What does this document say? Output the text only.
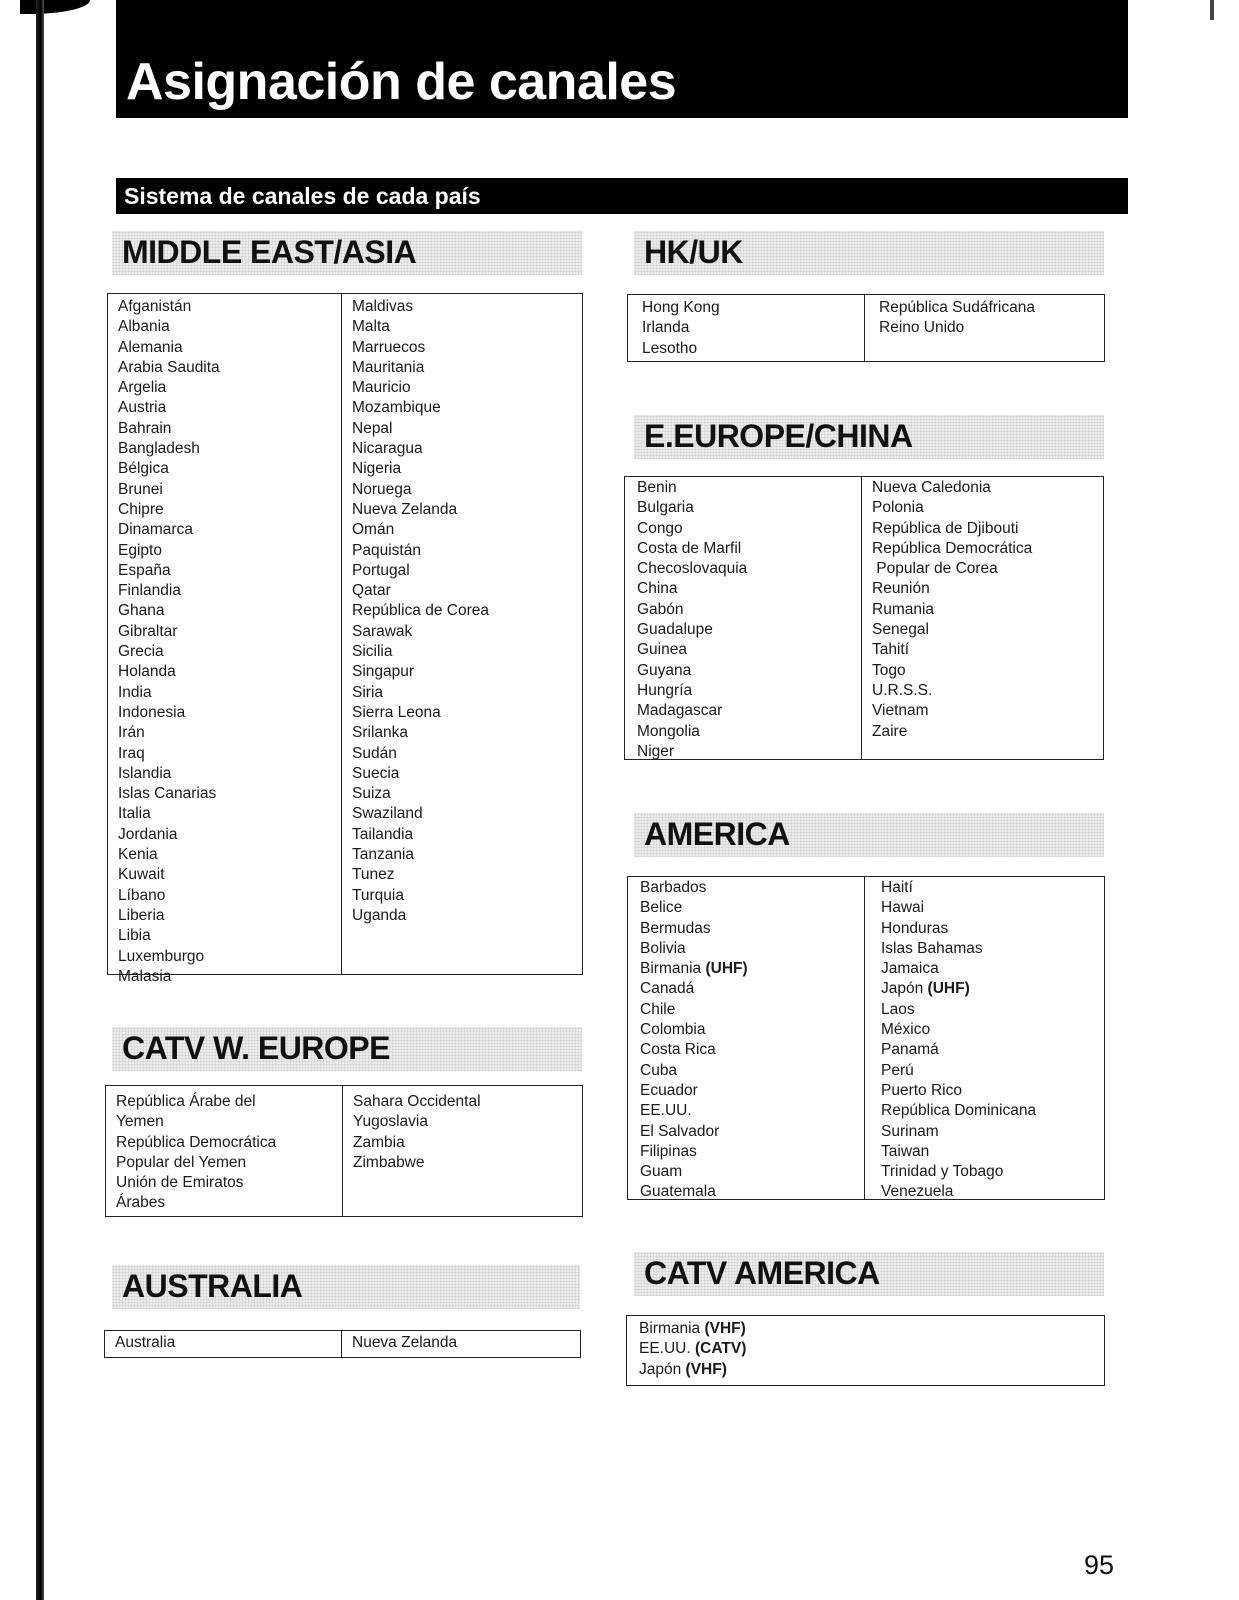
Asignación de canales
Sistema de canales de cada país
MIDDLE EAST/ASIA
Afganistán
Albania
Alemania
Arabia Saudita
Argelia
Austria
Bahrain
Bangladesh
Bélgica
Brunei
Chipre
Dinamarca
Egipto
España
Finlandia
Ghana
Gibraltar
Grecia
Holanda
India
Indonesia
Irán
Iraq
Islandia
Islas Canarias
Italia
Jordania
Kenia
Kuwait
Líbano
Liberia
Libia
Luxemburgo
Malasia
Maldivas
Malta
Marruecos
Mauritania
Mauricio
Mozambique
Nepal
Nicaragua
Nigeria
Noruega
Nueva Zelanda
Omán
Paquistán
Portugal
Qatar
República de Corea
Sarawak
Sicilia
Singapur
Siria
Sierra Leona
Srilanka
Sudán
Suecia
Suiza
Swaziland
Tailandia
Tanzania
Tunez
Turquia
Uganda
CATV W. EUROPE
República Árabe del
Yemen
República Democrática
Popular del Yemen
Unión de Emiratos
Árabes
Sahara Occidental
Yugoslavia
Zambia
Zimbabwe
AUSTRALIA
Australia	Nueva Zelanda
HK/UK
Hong Kong
Irlanda
Lesotho
República Sudáfricana
Reino Unido
E.EUROPE/CHINA
Benin
Bulgaria
Congo
Costa de Marfil
Checoslovaquia
China
Gabón
Guadalupe
Guinea
Guyana
Hungría
Madagascar
Mongolia
Niger
Nueva Caledonia
Polonia
República de Djibouti
República Democrática
Popular de Corea
Reunión
Rumania
Senegal
Tahití
Togo
U.R.S.S.
Vietnam
Zaire
AMERICA
Barbados
Belice
Bermudas
Bolivia
Birmania (UHF)
Canadá
Chile
Colombia
Costa Rica
Cuba
Ecuador
EE.UU.
El Salvador
Filipinas
Guam
Guatemala
Haití
Hawai
Honduras
Islas Bahamas
Jamaica
Japón (UHF)
Laos
México
Panamá
Perú
Puerto Rico
República Dominicana
Surinam
Taiwan
Trinidad y Tobago
Venezuela
CATV AMERICA
Birmania (VHF)
EE.UU. (CATV)
Japón (VHF)

95
